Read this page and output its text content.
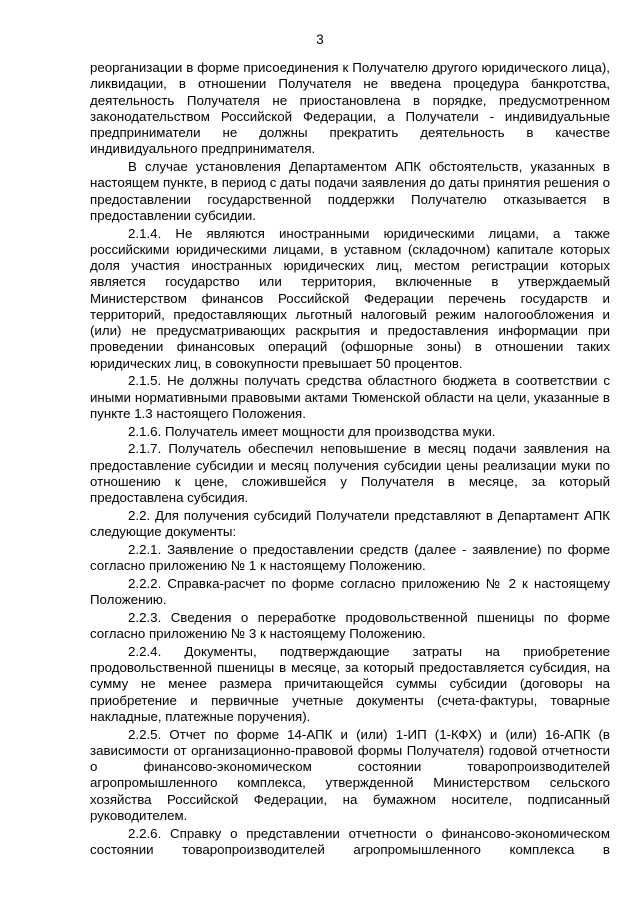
3

реорганизации в форме присоединения к Получателю другого юридического лица), ликвидации, в отношении Получателя не введена процедура банкротства, деятельность Получателя не приостановлена в порядке, предусмотренном законодательством Российской Федерации, а Получатели - индивидуальные предприниматели не должны прекратить деятельность в качестве индивидуального предпринимателя.

В случае установления Департаментом АПК обстоятельств, указанных в настоящем пункте, в период с даты подачи заявления до даты принятия решения о предоставлении государственной поддержки Получателю отказывается в предоставлении субсидии.

2.1.4. Не являются иностранными юридическими лицами, а также российскими юридическими лицами, в уставном (складочном) капитале которых доля участия иностранных юридических лиц, местом регистрации которых является государство или территория, включенные в утверждаемый Министерством финансов Российской Федерации перечень государств и территорий, предоставляющих льготный налоговый режим налогообложения и (или) не предусматривающих раскрытия и предоставления информации при проведении финансовых операций (офшорные зоны) в отношении таких юридических лиц, в совокупности превышает 50 процентов.

2.1.5. Не должны получать средства областного бюджета в соответствии с иными нормативными правовыми актами Тюменской области на цели, указанные в пункте 1.3 настоящего Положения.

2.1.6. Получатель имеет мощности для производства муки.

2.1.7. Получатель обеспечил неповышение в месяц подачи заявления на предоставление субсидии и месяц получения субсидии цены реализации муки по отношению к цене, сложившейся у Получателя в месяце, за который предоставлена субсидия.

2.2. Для получения субсидий Получатели представляют в Департамент АПК следующие документы:

2.2.1. Заявление о предоставлении средств (далее - заявление) по форме согласно приложению № 1 к настоящему Положению.

2.2.2. Справка-расчет по форме согласно приложению № 2 к настоящему Положению.

2.2.3. Сведения о переработке продовольственной пшеницы по форме согласно приложению № 3 к настоящему Положению.

2.2.4. Документы, подтверждающие затраты на приобретение продовольственной пшеницы в месяце, за который предоставляется субсидия, на сумму не менее размера причитающейся суммы субсидии (договоры на приобретение и первичные учетные документы (счета-фактуры, товарные накладные, платежные поручения).

2.2.5. Отчет по форме 14-АПК и (или) 1-ИП (1-КФХ) и (или) 16-АПК (в зависимости от организационно-правовой формы Получателя) годовой отчетности о финансово-экономическом состоянии товаропроизводителей агропромышленного комплекса, утвержденной Министерством сельского хозяйства Российской Федерации, на бумажном носителе, подписанный руководителем.

2.2.6. Справку о представлении отчетности о финансово-экономическом состоянии товаропроизводителей агропромышленного комплекса в
